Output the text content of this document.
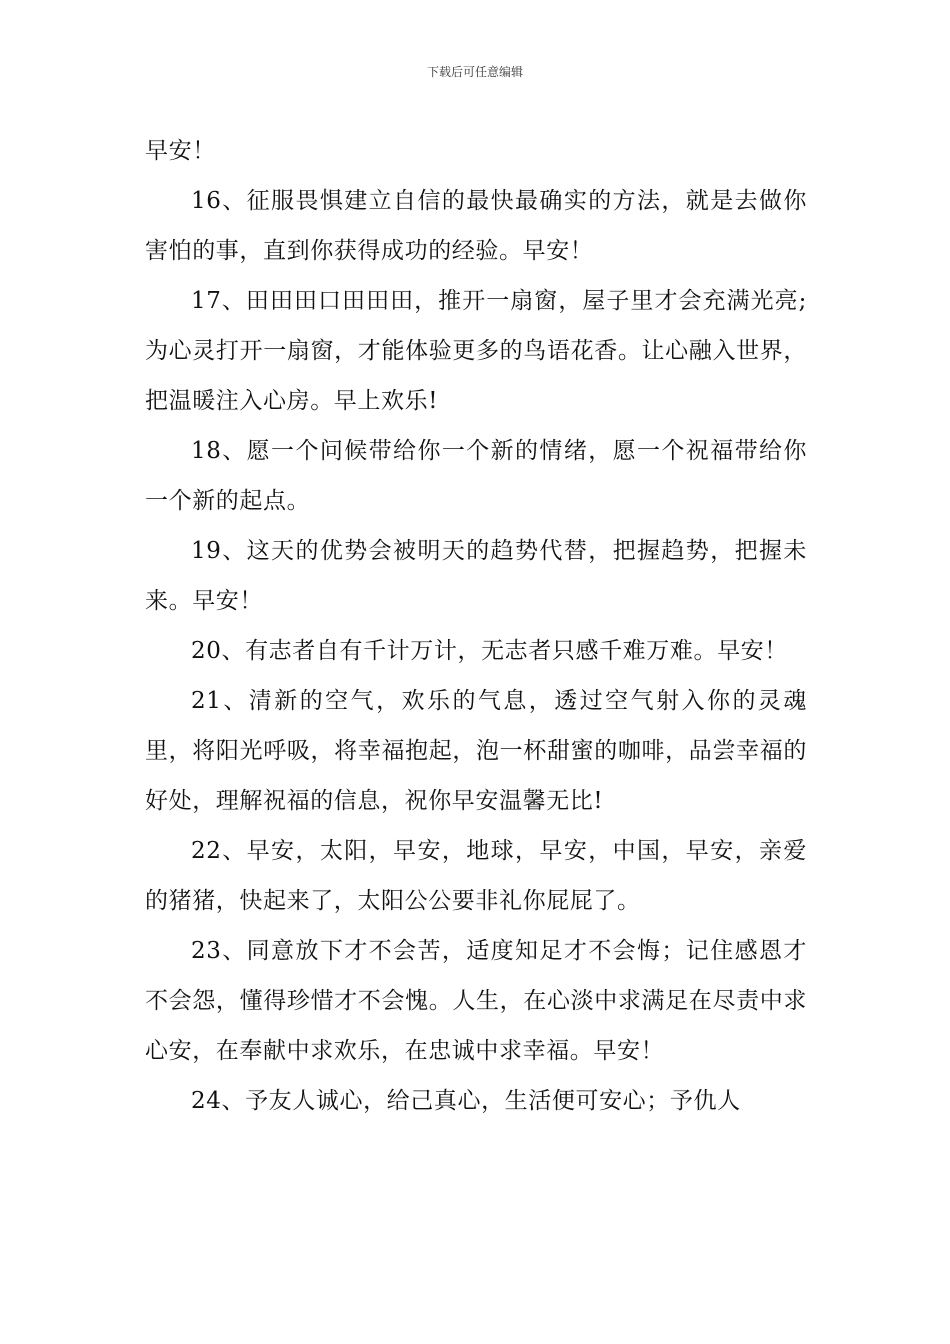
下载后可任意编辑

早安！

16、征服畏惧建立自信的最快最确实的方法，就是去做你害怕的事，直到你获得成功的经验。早安！

17、田田田口田田田，推开一扇窗，屋子里才会充满光亮;为心灵打开一扇窗，才能体验更多的鸟语花香。让心融入世界，把温暖注入心房。早上欢乐!

18、愿一个问候带给你一个新的情绪，愿一个祝福带给你一个新的起点。

19、这天的优势会被明天的趋势代替，把握趋势，把握未来。早安！

20、有志者自有千计万计，无志者只感千难万难。早安！

21、清新的空气，欢乐的气息，透过空气射入你的灵魂里，将阳光呼吸，将幸福抱起，泡一杯甜蜜的咖啡，品尝幸福的好处，理解祝福的信息，祝你早安温馨无比!

22、早安，太阳，早安，地球，早安，中国，早安，亲爱的猪猪，快起来了，太阳公公要非礼你屁屁了。

23、同意放下才不会苦，适度知足才不会悔；记住感恩才不会怨，懂得珍惜才不会愧。人生，在心淡中求满足在尽责中求心安，在奉献中求欢乐，在忠诚中求幸福。早安！

24、予友人诚心，给己真心，生活便可安心；予仇人
